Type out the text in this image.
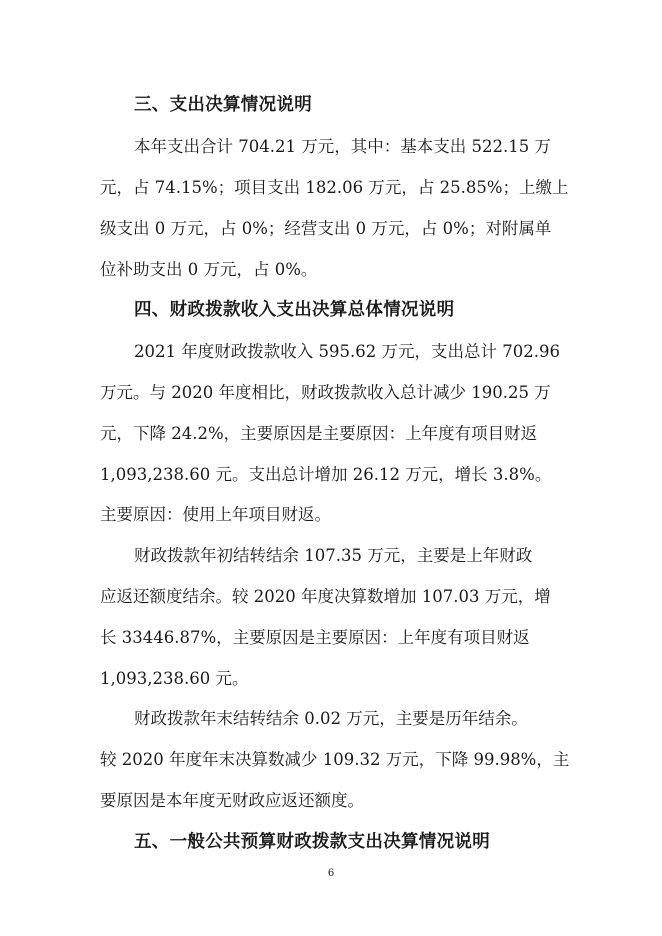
三、支出决算情况说明
本年支出合计 704.21 万元，其中：基本支出 522.15 万
元，占 74.15%；项目支出 182.06 万元，占 25.85%；上缴上
级支出 0 万元，占 0%；经营支出 0 万元，占 0%；对附属单
位补助支出 0 万元，占 0%。
四、财政拨款收入支出决算总体情况说明
2021 年度财政拨款收入 595.62 万元，支出总计 702.96
万元。与 2020 年度相比，财政拨款收入总计减少 190.25 万
元，下降 24.2%，主要原因是主要原因：上年度有项目财返
1,093,238.60 元。支出总计增加 26.12 万元，增长 3.8%。
主要原因：使用上年项目财返。
财政拨款年初结转结余 107.35 万元，主要是上年财政
应返还额度结余。较 2020 年度决算数增加 107.03 万元，增
长 33446.87%，主要原因是主要原因：上年度有项目财返
1,093,238.60 元。
财政拨款年末结转结余 0.02 万元，主要是历年结余。
较 2020 年度年末决算数减少 109.32 万元，下降 99.98%，主
要原因是本年度无财政应返还额度。
五、一般公共预算财政拨款支出决算情况说明
6
